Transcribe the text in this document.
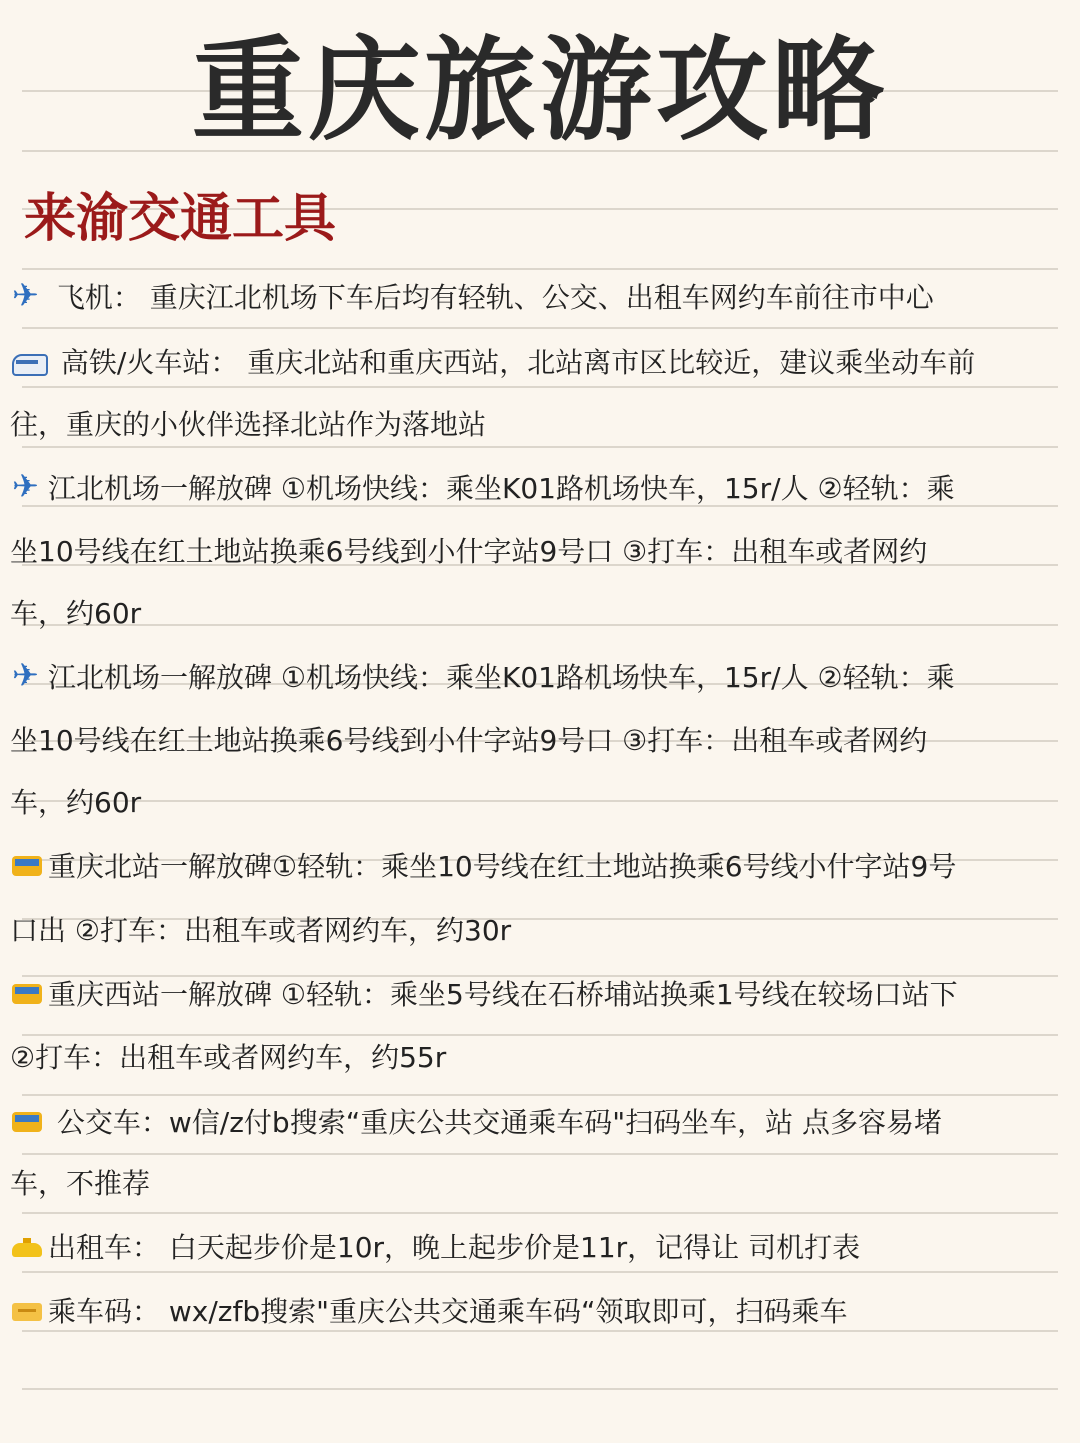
重庆旅游攻略
来渝交通工具
✈ 飞机： 重庆江北机场下车后均有轻轨、公交、出租车网约车前往市中心
高铁/火车站： 重庆北站和重庆西站，北站离市区比较近，建议乘坐动车前
往，重庆的小伙伴选择北站作为落地站
✈江北机场一解放碑 ①机场快线：乘坐K01路机场快车，15r/人 ②轻轨：乘
坐10号线在红土地站换乘6号线到小什字站9号口 ③打车：出租车或者网约
车，约60r
✈江北机场一解放碑 ①机场快线：乘坐K01路机场快车，15r/人 ②轻轨：乘
坐10号线在红土地站换乘6号线到小什字站9号口 ③打车：出租车或者网约
车，约60r
重庆北站一解放碑①轻轨：乘坐10号线在红土地站换乘6号线小什字站9号
口出 ②打车：出租车或者网约车，约30r
重庆西站一解放碑 ①轻轨：乘坐5号线在石桥埔站换乘1号线在较场口站下
②打车：出租车或者网约车，约55r
公交车：w信/z付b搜索“重庆公共交通乘车码"扫码坐车，站 点多容易堵
车，不推荐
出租车： 白天起步价是10r，晚上起步价是11r，记得让 司机打表
乘车码： wx/zfb搜索"重庆公共交通乘车码“领取即可，扫码乘车
